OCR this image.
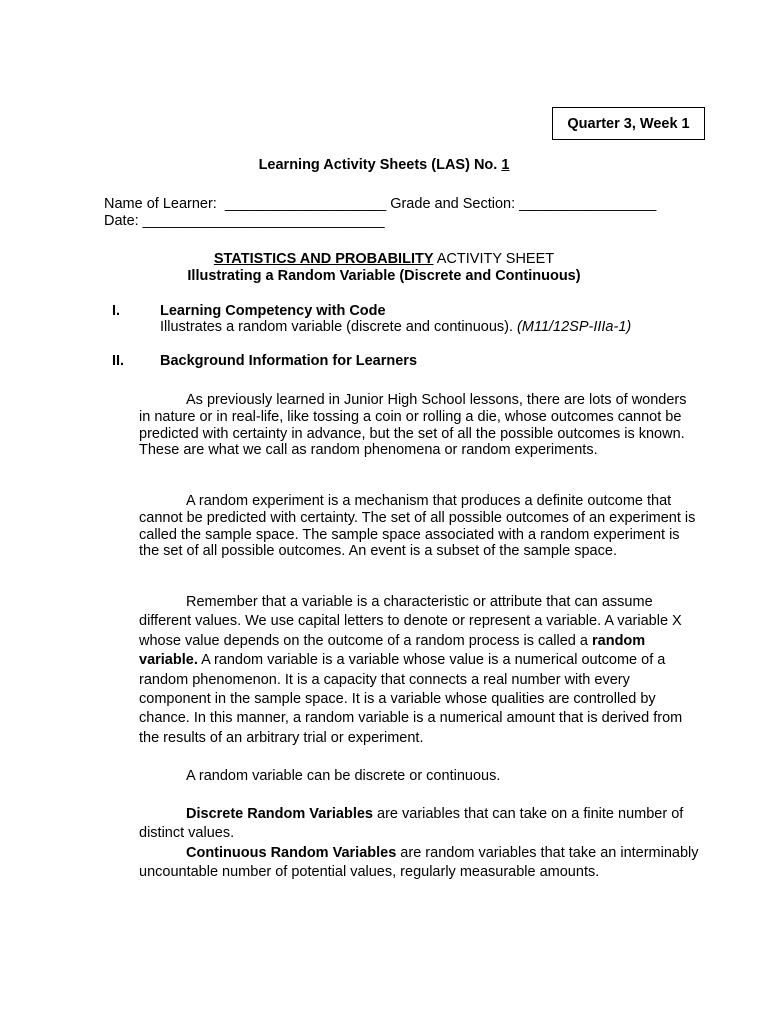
Quarter 3, Week 1
Learning Activity Sheets (LAS) No. 1
Name of Learner:  ____________________ Grade and Section: _________________
Date: ______________________________
STATISTICS AND PROBABILITY ACTIVITY SHEET
Illustrating a Random Variable (Discrete and Continuous)
I.	Learning Competency with Code
Illustrates a random variable (discrete and continuous). (M11/12SP-IIIa-1)
II. Background Information for Learners
As previously learned in Junior High School lessons, there are lots of wonders in nature or in real-life, like tossing a coin or rolling a die, whose outcomes cannot be predicted with certainty in advance, but the set of all the possible outcomes is known. These are what we call as random phenomena or random experiments.
A random experiment is a mechanism that produces a definite outcome that cannot be predicted with certainty. The set of all possible outcomes of an experiment is called the sample space. The sample space associated with a random experiment is the set of all possible outcomes. An event is a subset of the sample space.
Remember that a variable is a characteristic or attribute that can assume different values. We use capital letters to denote or represent a variable. A variable X whose value depends on the outcome of a random process is called a random variable. A random variable is a variable whose value is a numerical outcome of a random phenomenon. It is a capacity that connects a real number with every component in the sample space. It is a variable whose qualities are controlled by chance. In this manner, a random variable is a numerical amount that is derived from the results of an arbitrary trial or experiment.
A random variable can be discrete or continuous.
Discrete Random Variables are variables that can take on a finite number of distinct values.
Continuous Random Variables are random variables that take an interminably uncountable number of potential values, regularly measurable amounts.
